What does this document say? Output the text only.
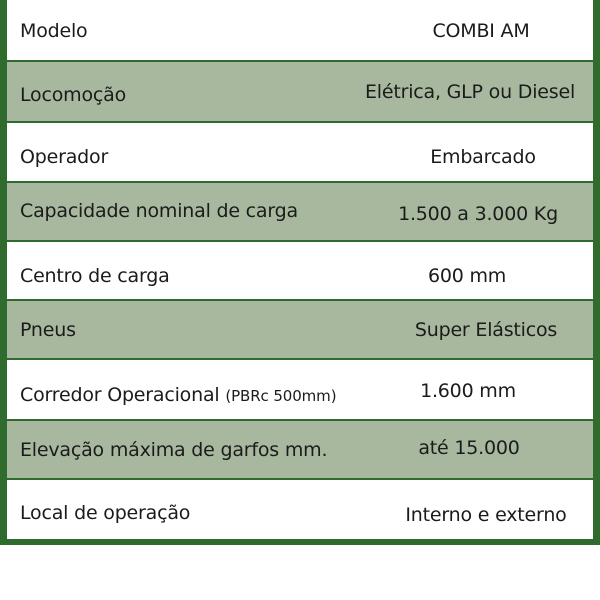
Modelo	COMBI AM
Locomoção	Elétrica, GLP ou Diesel
Operador	Embarcado
Capacidade nominal de carga	1.500 a 3.000 Kg
Centro de carga	600 mm
Pneus	Super Elásticos
Corredor Operacional (PBRc 500mm)	1.600 mm
Elevação máxima de garfos mm.	até 15.000
Local de operação	Interno e externo
